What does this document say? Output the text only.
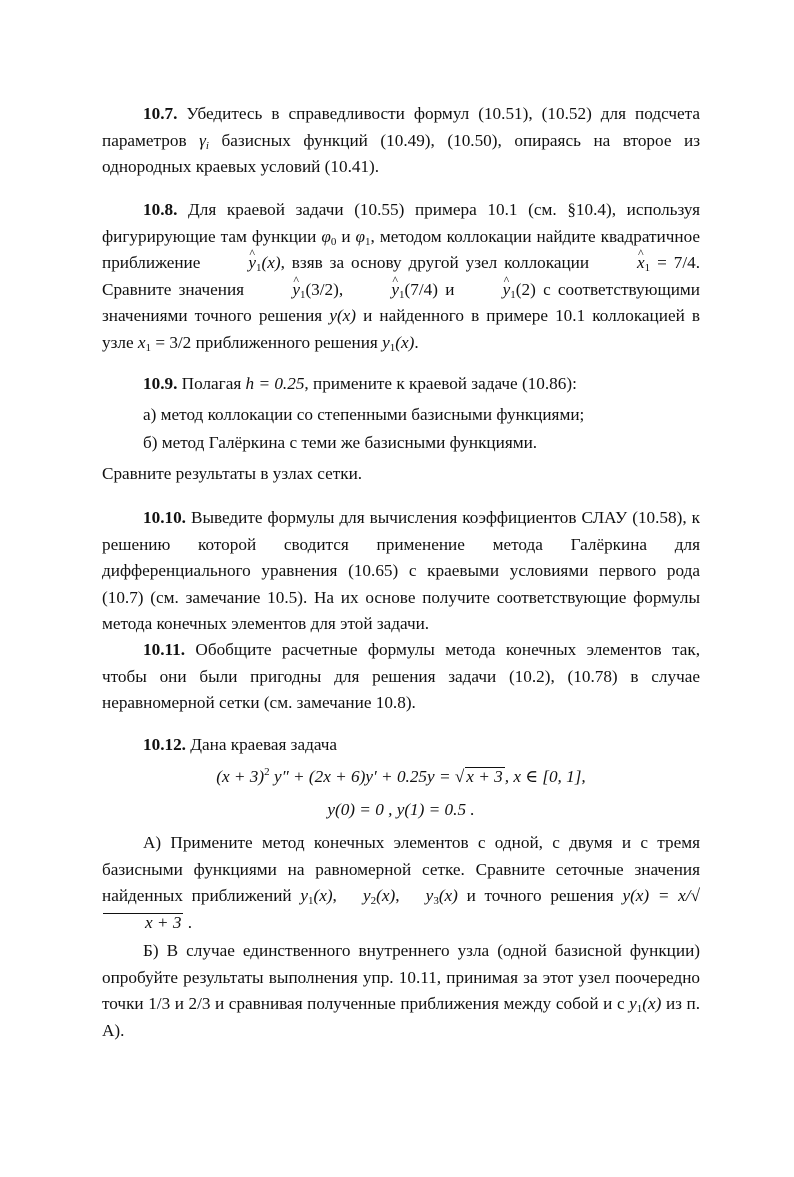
10.7. Убедитесь в справедливости формул (10.51), (10.52) для подсчета параметров $\gamma_i$ базисных функций (10.49), (10.50), опираясь на второе из однородных краевых условий (10.41).

10.8. Для краевой задачи (10.55) примера 10.1 (см. §10.4), используя фигурирующие там функции $\varphi_0$ и $\varphi_1$, методом коллокации найдите квадратичное приближение ^ $y_1(x)$, взяв за основу другой узел коллокации ^ $x_1 = 7/4$. Сравните значения ^ $y_1(3/2)$, ^ $y_1(7/4)$ и ^ $y_1(2)$ с соответствующими значениями точного решения y(x) и найденного в примере 10.1 коллокацией в узле $x_1 = 3/2$ приближенного решения $y_1(x)$.

10.9. Полагая h = 0.25, примените к краевой задаче (10.86):

а) метод коллокации со степенными базисными функциями;

б) метод Галёркина с теми же базисными функциями.

Сравните результаты в узлах сетки.

10.10. Выведите формулы для вычисления коэффициентов СЛАУ (10.58), к решению которой сводится применение метода Галёркина для дифференциального уравнения (10.65) с краевыми условиями первого рода (10.7) (см. замечание 10.5). На их основе получите соответствующие формулы метода конечных элементов для этой задачи.

10.11. Обобщите расчетные формулы метода конечных элементов так, чтобы они были пригодны для решения задачи (10.2), (10.78) в случае неравномерной сетки (см. замечание 10.8).

10.12. Дана краевая задача

$(x + 3)^2$ y″ + (2x + 6)y′ + 0.25y = √ x + 3 , x ∈ [0, 1],
y(0) = 0 , y(1) = 0.5 .

А) Примените метод конечных элементов с одной, с двумя и с тремя базисными функциями на равномерной сетке. Сравните сеточные значения найденных приближений $y_1(x)$,   $y_2(x)$,   $y_3(x)$ и точного решения y(x) = x/√x + 3 .

Б) В случае единственного внутреннего узла (одной базисной функции) опробуйте результаты выполнения упр. 10.11, принимая за этот узел поочередно точки 1/3 и 2/3 и сравнивая полученные приближения между собой и с $y_1(x)$ из п. А).
